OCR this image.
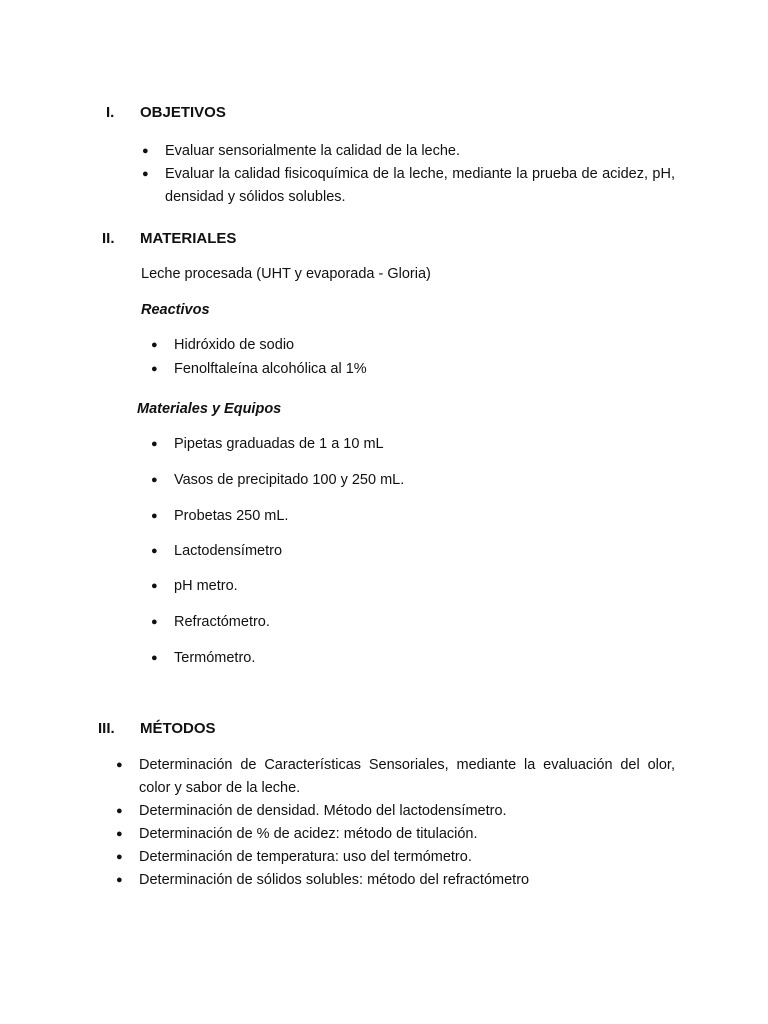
I. OBJETIVOS
● Evaluar sensorialmente la calidad de la leche.
● Evaluar la calidad fisicoquímica de la leche, mediante la prueba de acidez, pH, densidad y sólidos solubles.
II. MATERIALES
Leche procesada (UHT y evaporada - Gloria)
Reactivos
● Hidróxido de sodio
● Fenolftaleína alcohólica al 1%
Materiales y Equipos
● Pipetas graduadas de 1 a 10 mL
● Vasos de precipitado 100 y 250 mL.
● Probetas 250 mL.
● Lactodensímetro
● pH metro.
● Refractómetro.
● Termómetro.
III. MÉTODOS
● Determinación de Características Sensoriales, mediante la evaluación del olor, color y sabor de la leche.
● Determinación de densidad. Método del lactodensímetro.
● Determinación de % de acidez: método de titulación.
● Determinación de temperatura: uso del termómetro.
● Determinación de sólidos solubles: método del refractómetro
